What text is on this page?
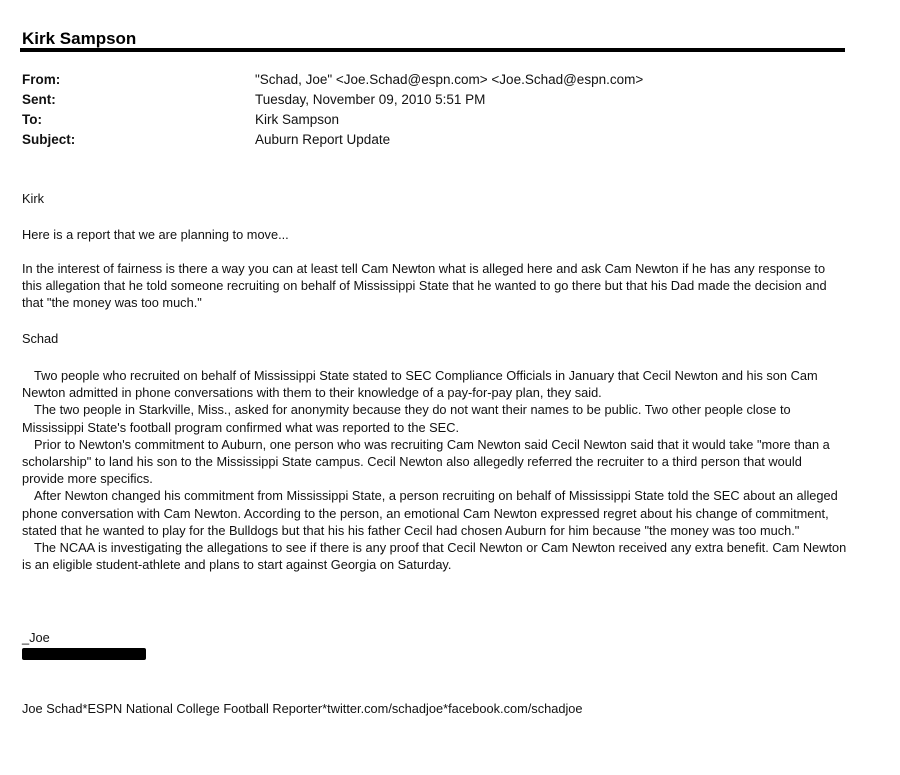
Kirk Sampson
From:	"Schad, Joe" <Joe.Schad@espn.com> <Joe.Schad@espn.com>
Sent:	Tuesday, November 09, 2010 5:51 PM
To:	Kirk Sampson
Subject:	Auburn Report Update

Kirk

Here is a report that we are planning to move...

In the interest of fairness is there a way you can at least tell Cam Newton what is alleged here and ask Cam Newton if he has any response to this allegation that he told someone recruiting on behalf of Mississippi State that he wanted to go there but that his Dad made the decision and that "the money was too much."

Schad

Two people who recruited on behalf of Mississippi State stated to SEC Compliance Officials in January that Cecil Newton and his son Cam Newton admitted in phone conversations with them to their knowledge of a pay-for-pay plan, they said.

The two people in Starkville, Miss., asked for anonymity because they do not want their names to be public. Two other people close to Mississippi State's football program confirmed what was reported to the SEC.

Prior to Newton's commitment to Auburn, one person who was recruiting Cam Newton said Cecil Newton said that it would take "more than a scholarship" to land his son to the Mississippi State campus. Cecil Newton also allegedly referred the recruiter to a third person that would provide more specifics.

After Newton changed his commitment from Mississippi State, a person recruiting on behalf of Mississippi State told the SEC about an alleged phone conversation with Cam Newton. According to the person, an emotional Cam Newton expressed regret about his change of commitment, stated that he wanted to play for the Bulldogs but that his his father Cecil had chosen Auburn for him because "the money was too much."

The NCAA is investigating the allegations to see if there is any proof that Cecil Newton or Cam Newton received any extra benefit. Cam Newton is an eligible student-athlete and plans to start against Georgia on Saturday.

_Joe

Joe Schad*ESPN National College Football Reporter*twitter.com/schadjoe*facebook.com/schadjoe
